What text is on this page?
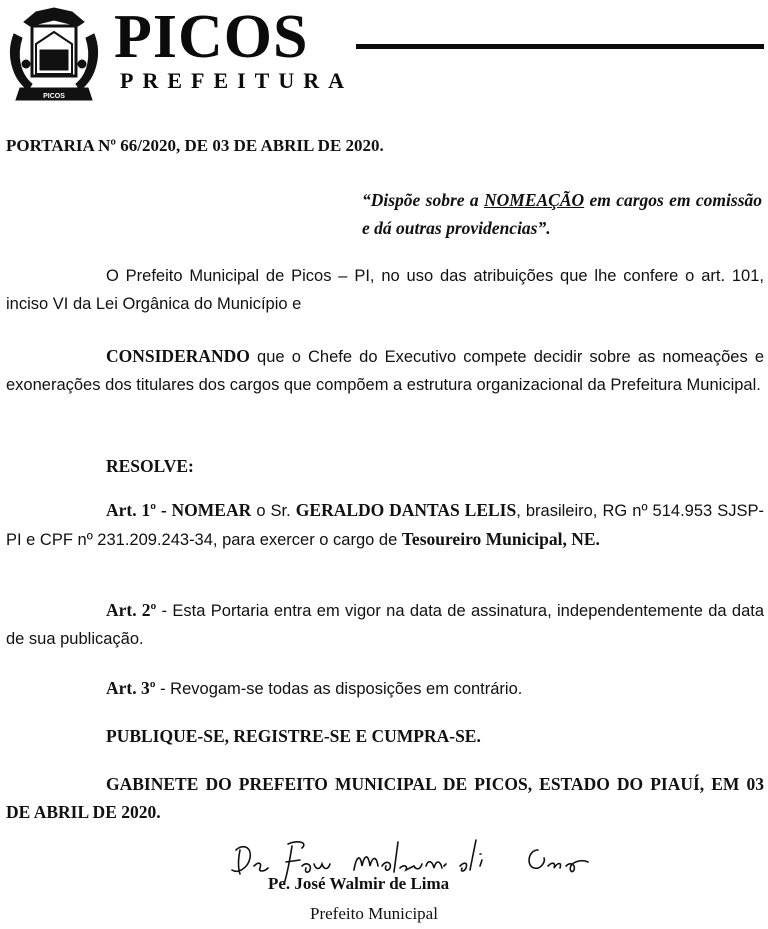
PICOS
PICOS
PREFEITURA
PORTARIA Nº 66/2020, DE 03 DE ABRIL DE 2020.
“Dispõe sobre a NOMEAÇÃO em cargos em comissão e dá outras providencias”.
O Prefeito Municipal de Picos – PI, no uso das atribuições que lhe confere o art. 101, inciso VI da Lei Orgânica do Município e
CONSIDERANDO que o Chefe do Executivo compete decidir sobre as nomeações e exonerações dos titulares dos cargos que compõem a estrutura organizacional da Prefeitura Municipal.
RESOLVE:
Art. 1º - NOMEAR o Sr. GERALDO DANTAS LELIS, brasileiro, RG nº 514.953 SJSP-PI e CPF nº 231.209.243-34, para exercer o cargo de Tesoureiro Municipal, NE.
Art. 2º - Esta Portaria entra em vigor na data de assinatura, independentemente da data de sua publicação.
Art. 3º - Revogam-se todas as disposições em contrário.
PUBLIQUE-SE, REGISTRE-SE E CUMPRA-SE.
GABINETE DO PREFEITO MUNICIPAL DE PICOS, ESTADO DO PIAUÍ, EM 03 DE ABRIL DE 2020.
Pe. José Walmir de Lima
Prefeito Municipal
